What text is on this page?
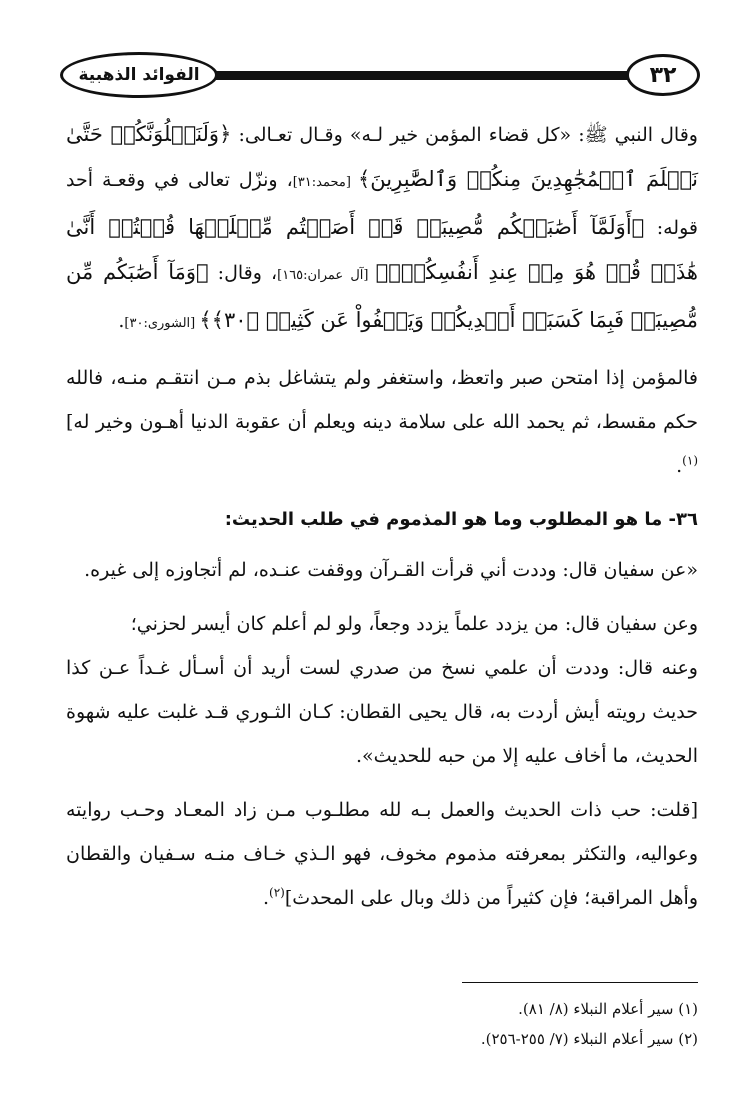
الفوائد الذهبية	٣٢

وقال النبي ﷺ: «كل قضاء المؤمن خير لـه» وقـال تعـالى: ﴿وَلَنَبۡلُوَنَّكُمۡ حَتَّىٰ نَعۡلَمَ ٱلۡمُجَٰهِدِينَ مِنكُمۡ وَٱلصَّٰبِرِينَ﴾ [محمد:٣١]، ونزّل تعالى في وقعـة أحد قوله: ﴿أَوَلَمَّآ أَصَٰبَتۡكُم مُّصِيبَةٞ قَدۡ أَصَبۡتُم مِّثۡلَيۡهَا قُلۡتُمۡ أَنَّىٰ هَٰذَاۖ قُلۡ هُوَ مِنۡ عِندِ أَنفُسِكُمۡۗ﴾ [آل عمران:١٦٥]، وقال: ﴿وَمَآ أَصَٰبَكُم مِّن مُّصِيبَةٖ فَبِمَا كَسَبَتۡ أَيۡدِيكُمۡ وَيَعۡفُواْ عَن كَثِيرٖ ﴿٣٠﴾﴾ [الشورى:٣٠].

فالمؤمن إذا امتحن صبر واتعظ، واستغفر ولم يتشاغل بذم مـن انتقـم منـه، فالله حكم مقسط، ثم يحمد الله على سلامة دينه ويعلم أن عقوبة الدنيا أهـون وخير له]$^{(١)}$.

٣٦- ما هو المطلوب وما هو المذموم في طلب الحديث:

«عن سفيان قال: وددت أني قرأت القـرآن ووقفت عنـده، لم أتجاوزه إلى غيره.

وعن سفيان قال: من يزدد علماً يزدد وجعاً، ولو لم أعلم كان أيسر لحزني؛
وعنه قال: وددت أن علمي نسخ من صدري لست أريد أن أسـأل غـداً عـن كذا حديث رويته أيش أردت به، قال يحيى القطان: كـان الثـوري قـد غلبت عليه شهوة الحديث، ما أخاف عليه إلا من حبه للحديث».

[قلت: حب ذات الحديث والعمل بـه لله مطلـوب مـن زاد المعـاد وحـب روايته وعواليه، والتكثر بمعرفته مذموم مخوف، فهو الـذي خـاف منـه سـفيان والقطان وأهل المراقبة؛ فإن كثيراً من ذلك وبال على المحدث]$^{(٢)}$.

(١) سير أعلام النبلاء (٨/ ٨١).

(٢) سير أعلام النبلاء (٧/ ٢٥٥-٢٥٦).
